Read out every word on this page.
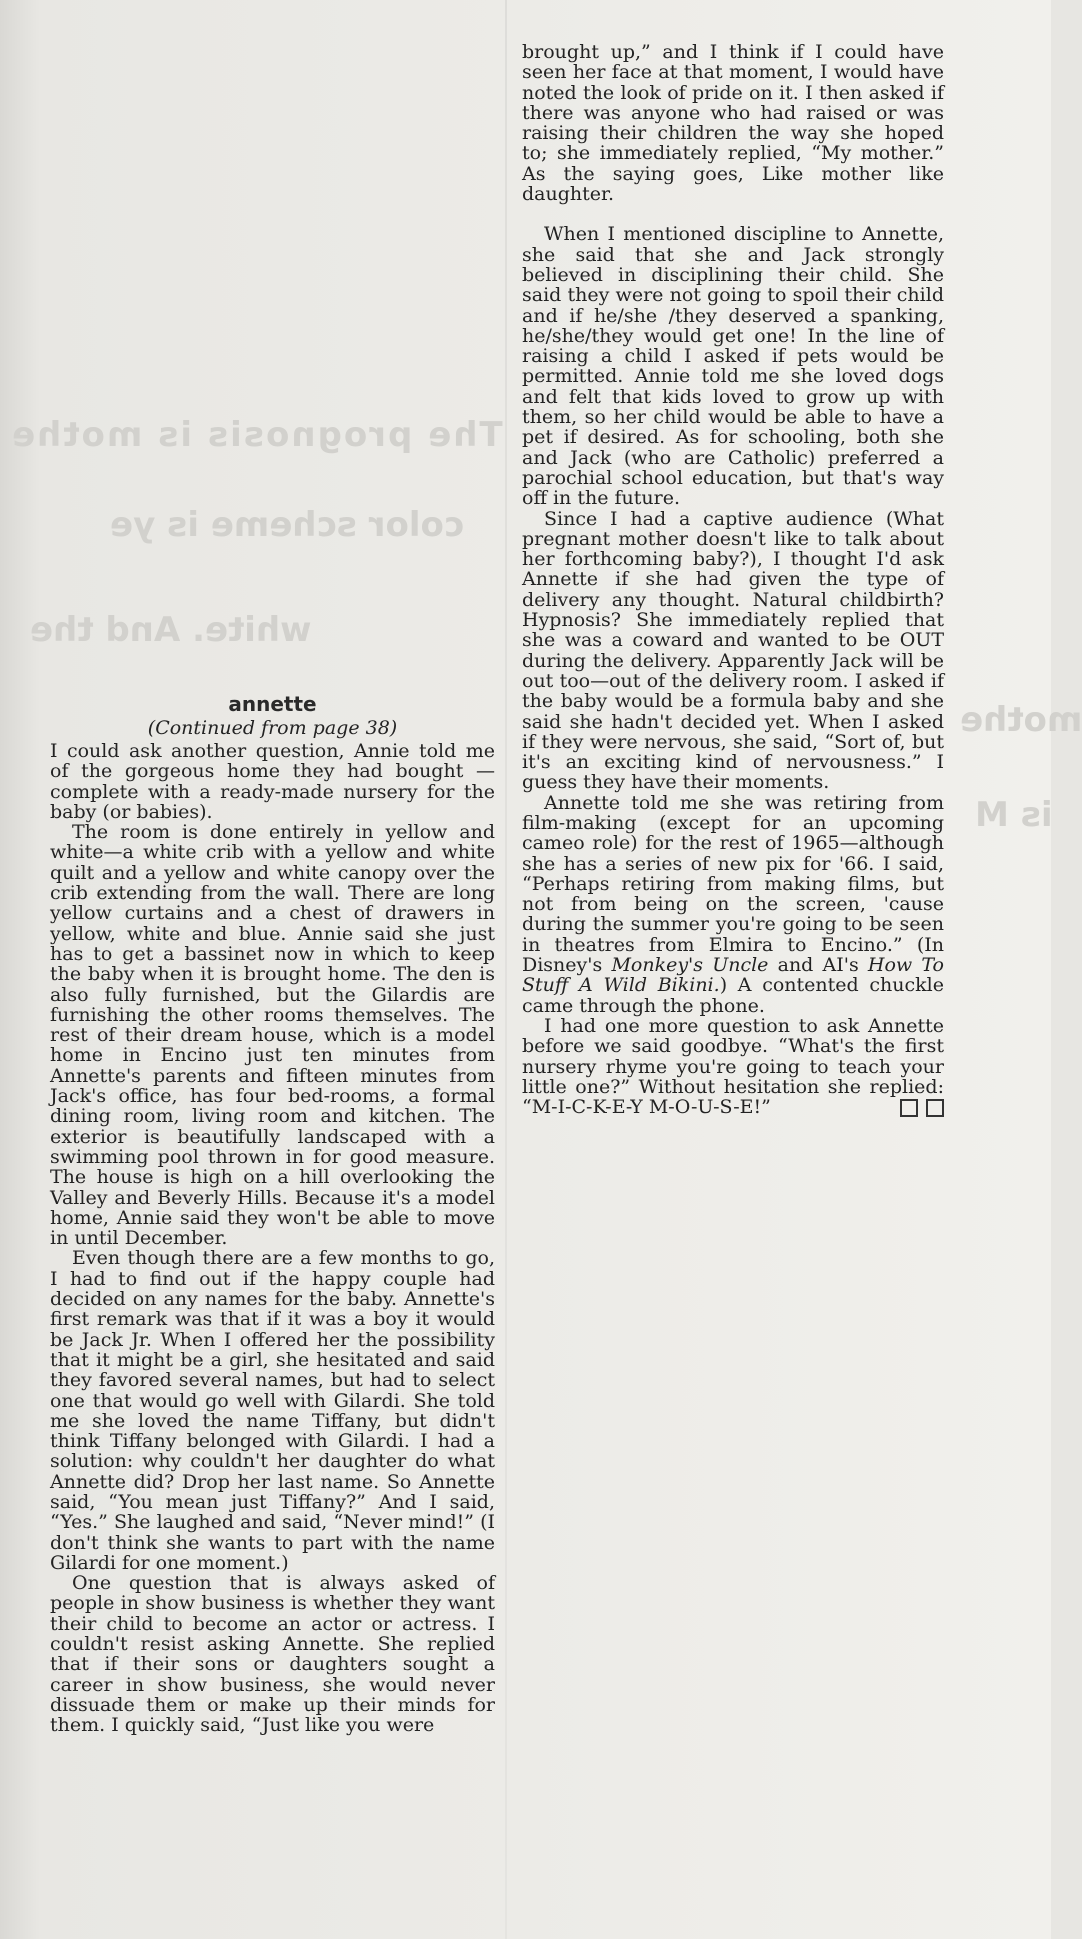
The prognosis is mothe
color scheme is ye
white. And the
mothe
is M
annette
(Continued from page 38)

I could ask another question, Annie told me of the gorgeous home they had bought —complete with a ready-made nursery for the baby (or babies).

The room is done entirely in yellow and white—a white crib with a yellow and white quilt and a yellow and white canopy over the crib extending from the wall. There are long yellow curtains and a chest of drawers in yellow, white and blue. Annie said she just has to get a bassinet now in which to keep the baby when it is brought home. The den is also fully furnished, but the Gilardis are furnishing the other rooms themselves. The rest of their dream house, which is a model home in Encino just ten minutes from Annette's parents and fifteen minutes from Jack's office, has four bed-rooms, a formal dining room, living room and kitchen. The exterior is beautifully landscaped with a swimming pool thrown in for good measure. The house is high on a hill overlooking the Valley and Beverly Hills. Because it's a model home, Annie said they won't be able to move in until December.

Even though there are a few months to go, I had to find out if the happy couple had decided on any names for the baby. Annette's first remark was that if it was a boy it would be Jack Jr. When I offered her the possibility that it might be a girl, she hesitated and said they favored several names, but had to select one that would go well with Gilardi. She told me she loved the name Tiffany, but didn't think Tiffany belonged with Gilardi. I had a solution: why couldn't her daughter do what Annette did? Drop her last name. So Annette said, “You mean just Tiffany?” And I said, “Yes.” She laughed and said, “Never mind!” (I don't think she wants to part with the name Gilardi for one moment.)

One question that is always asked of people in show business is whether they want their child to become an actor or actress. I couldn't resist asking Annette. She replied that if their sons or daughters sought a career in show business, she would never dissuade them or make up their minds for them. I quickly said, “Just like you were

brought up,” and I think if I could have seen her face at that moment, I would have noted the look of pride on it. I then asked if there was anyone who had raised or was raising their children the way she hoped to; she immediately replied, “My mother.” As the saying goes, Like mother like daughter.

When I mentioned discipline to Annette, she said that she and Jack strongly believed in disciplining their child. She said they were not going to spoil their child and if he/she /they deserved a spanking, he/she/they would get one! In the line of raising a child I asked if pets would be permitted. Annie told me she loved dogs and felt that kids loved to grow up with them, so her child would be able to have a pet if desired. As for schooling, both she and Jack (who are Catholic) preferred a parochial school education, but that's way off in the future.

Since I had a captive audience (What pregnant mother doesn't like to talk about her forthcoming baby?), I thought I'd ask Annette if she had given the type of delivery any thought. Natural childbirth? Hypnosis? She immediately replied that she was a coward and wanted to be OUT during the delivery. Apparently Jack will be out too—out of the delivery room. I asked if the baby would be a formula baby and she said she hadn't decided yet. When I asked if they were nervous, she said, “Sort of, but it's an exciting kind of nervousness.” I guess they have their moments.

Annette told me she was retiring from film-making (except for an upcoming cameo role) for the rest of 1965—although she has a series of new pix for '66. I said, “Perhaps retiring from making films, but not from being on the screen, 'cause during the summer you're going to be seen in theatres from Elmira to Encino.” (In Disney's Monkey's Uncle and AI's How To Stuff A Wild Bikini.) A contented chuckle came through the phone.

I had one more question to ask Annette before we said goodbye. “What's the first nursery rhyme you're going to teach your little one?” Without hesitation she replied: “M-I-C-K-E-Y M-O-U-S-E!”
